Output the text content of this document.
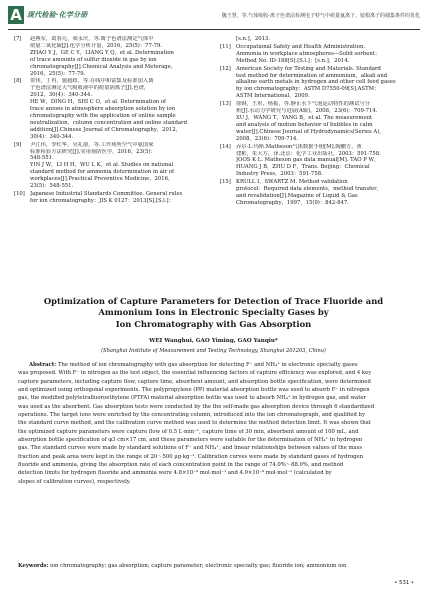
A 现代检验·化学分册	魏王慧，等.气体吸收-离子色谱法检测电子特气中痕量氟离子、铵根离子的捕集条件的优化
[7] 赵燕军，葛春元，梁永庆，等.离子色谱法测定气体中
痕量二氧化硫[J].化学分析计量，2016，25(5)：77-79.
ZHAO Y J，GE C Y，LIANG Y Q，et al. Determination
of trace amounts of sulfur dioxide in gas by ion
chromatography[J].Chemical Analysis and Meterage，
2016，25(5)：77-79.
[8] 贺伟，丁冉，施超政，等.在线中和富集及标准加入离
子色谱法测定大气吸收液中的痕量阴离子[J].色谱，
2012，30(4)：340-344.
HE W，DING H，SHI C O，et al. Determination of
trace anions in atmosphere absorption solution by ion
chromatography with the application of online sample
neutralization，column concentration and online standard
addition[J].Chinese Journal of Chromatography，2012，
30(4)：340-344.
[9] 尹江伟，李红华，吴礼康，等.工作场所空气中氨国家
标准检验方法研究[J].实用预防医学，2016，23(5)：
548-551.
YIN J W，LI H H，WU L K，et al. Studies on national
standard method for ammonia determination in air of
workplaces[J].Practical Preventive Medicine，2016，
23(5)：548-551.
[10] Japanese Industrial Standards Committee. General rules
for ion chromatography：JIS K 0127：2013[S].[S.l.]：
[s.n.]，2013.
[11] Occupational Safety and Health Administration.
Ammonia in workplace atmospheres—Solid sorbent：
Method No. ID-188[S].[S.l.]：[s.n.]，2014.
[12] American Society for Testing and Materials. Standard
test method for determination of ammonium，alkali and
alkaline earth metals in hydrogen and other cell feed gases
by ion chromatography：ASTM D7550-09[S].ASTM：
ASTM International，2009.
[13] 徐钢，王彤，杨振，等.静止水下气泡运动特性的测试与分
析[J].水动力学研究与进展(A辑)，2008，23(6)：709-714.
XU J，WANG T，YANG B，et al. The measurement
and analysis of motion behavior of bubbles in calm
water[J].Chinese Journal of Hydrodynamics(Series A)，
2008，23(6)：709-714.
[14] 乔尔·L·玛斯.Matheson气体数据手册[M].陶鹏万，黄
建彬，朱大方，译.北京：化学工业出版社，2003：591-758.
JOOS K L. Matheson gas data manual[M]. TAO P W，
HUANG J B，ZHU D F，Trans. Beijing：Chemical
Industry Press，2003：591-758.
[15] KRULL I，SWARTZ M. Method validation
protocol：Required data elements，method transfer，
and revalidation[J].Magazine of Liquid & Gas
Chromatography，1997，15(9)：842-847.
Optimization of Capture Parameters for Detection of Trace Fluoride and
Ammonium Ions in Electronic Specialty Gases by
Ion Chromatography with Gas Absorption
WEI Wanghui, GAO Yiming, GAO Yanqiu*
(Shanghai Institute of Measurement and Testing Technology, Shanghai 201203, China)
Abstract: The method of ion chromatography with gas absorption for detecting F⁻ and NH₄⁺ in electronic specialty gases
was proposed. With F⁻ in nitrogen as the test object, the essential influencing factors of capture efficiency was explored, and 4 key
capture parameters, including capture flow, capture time, absorbent amount, and absorption bottle specification, were determined
and optimized using orthogonal experiments. The polypropylene (PP) material absorption bottle was used to absorb F⁻ in nitrogen
gas, the modified polytetrafluoroethylene (PTFA) material absorption bottle was used to absorb NH₄⁺ in hydrogen gas, and water
was used as the absorbent. Gas absorption tests were conducted by the the self-made gas absorption device through 6 standardized
operations. The target ions were enriched by the concentrating column, introduced into the ion chromatograph, and qualified by
the standard curve method, and the calibration curve method was used to determine the method detection limit. It was shown that
the optimized capture parameters were capture flow of 0.5 L·min⁻¹, capture time of 30 min, absorbent amount of 100 mL, and
absorption bottle specification of φ3 cm×17 cm, and these parameters were suitable for the determination of NH₄⁺ in hydrogen
gas. The standard curves were made by standard solutions of F⁻ and NH₄⁺, and linear relationships between values of the mass
fraction and peak area were kept in the range of 20～500 μg·kg⁻¹. Calibration curves were made by standard gases of hydrogen
fluoride and ammonia, giving the absorption rate of each concentration point in the range of 74.0%～88.0%, and method
detection limits for hydrogen fluoride and ammonia were 4.8×10⁻⁹ mol·mol⁻¹ and 4.9×10⁻⁹ mol·mol⁻¹ (calculated by
slopes of calibration curves), respectively.
Keywords: ion chromatography; gas absorption; capture parameter; electronic specialty gas; fluoride ion; ammonium ion
• 531 •
